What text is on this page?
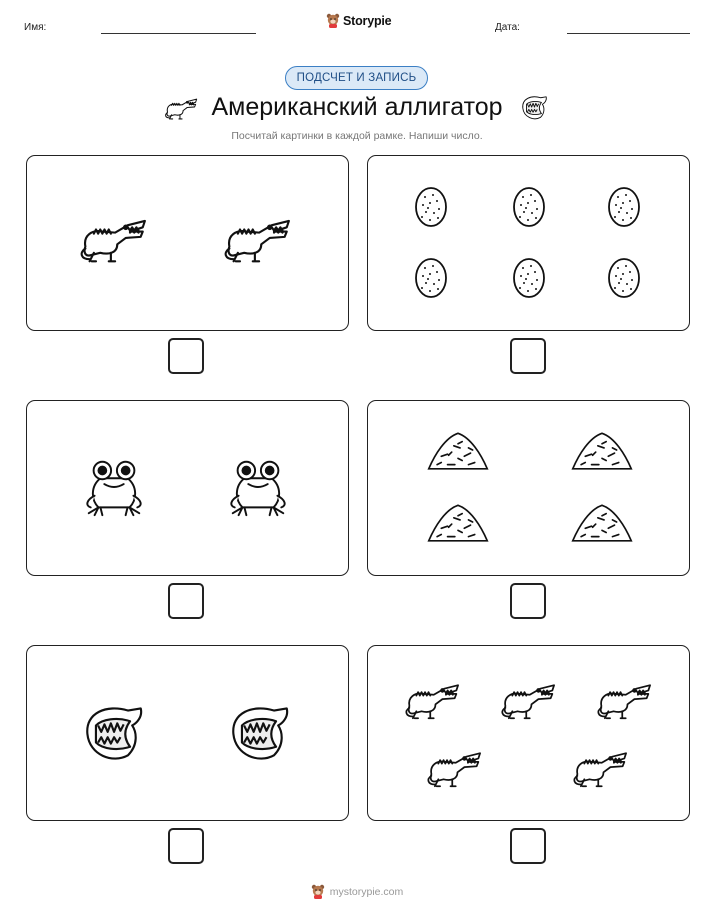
Имя:	Storypie	Дата:
ПОДСЧЕТ И ЗАПИСЬ
Американский аллигатор
Посчитай картинки в каждой рамке. Напиши число.
mystorypie.com
